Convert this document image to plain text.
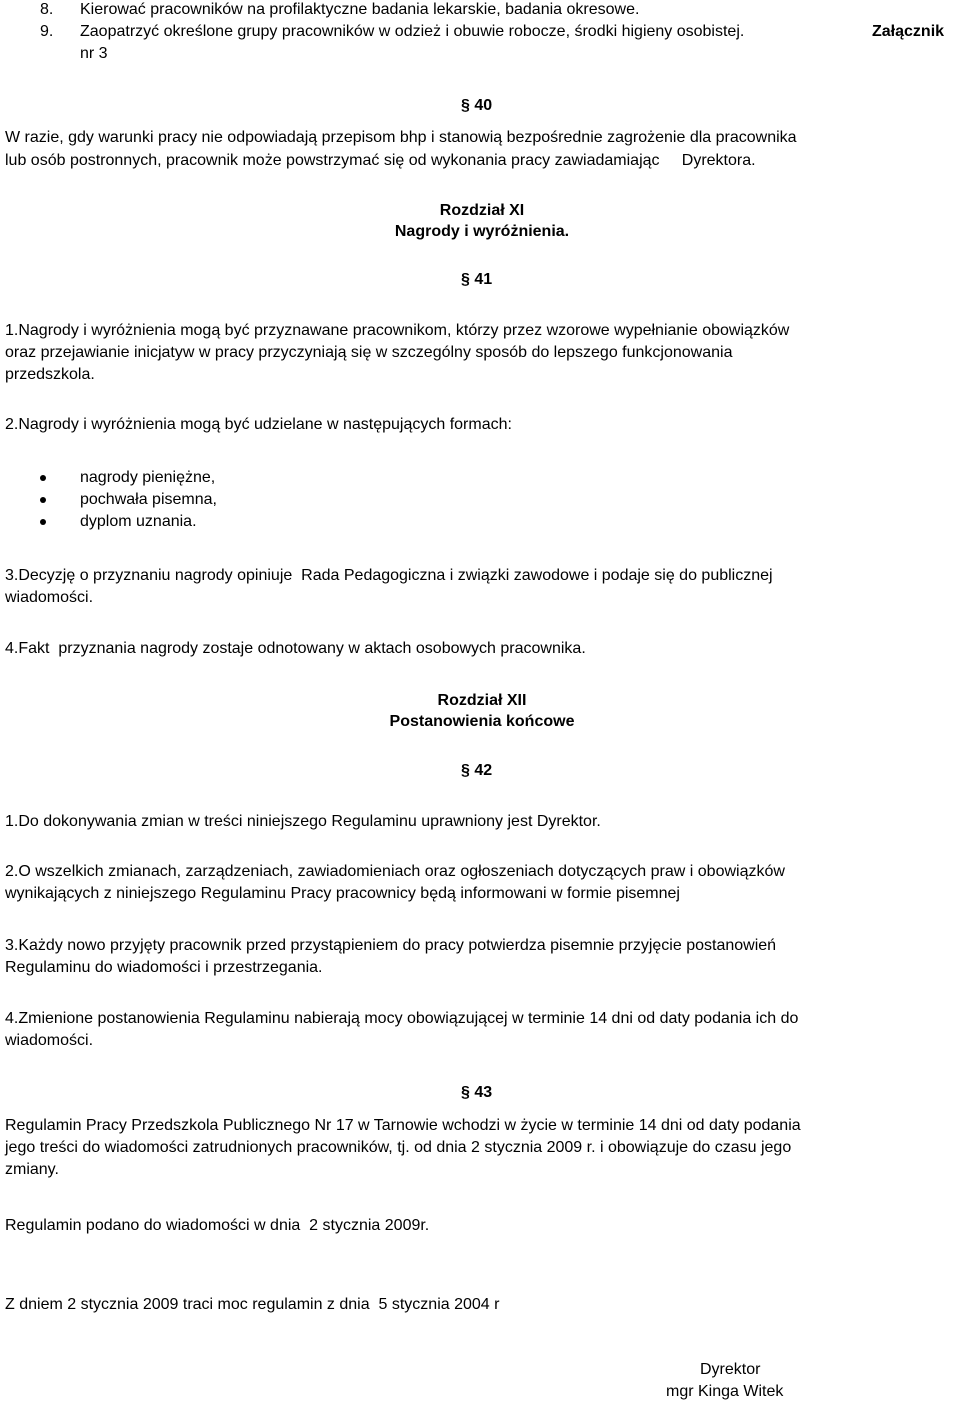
8. Kierować pracowników na profilaktyczne badania lekarskie, badania okresowe.
9. Zaopatrzyć określone grupy pracowników w odzież i obuwie robocze, środki higieny osobistej.	Załącznik
nr 3
§ 40
W razie, gdy warunki pracy nie odpowiadają przepisom bhp i stanowią bezpośrednie zagrożenie dla pracownika
lub osób postronnych, pracownik może powstrzymać się od wykonania pracy zawiadamiając     Dyrektora.
Rozdział XI
Nagrody i wyróżnienia.
§ 41
1.Nagrody i wyróżnienia mogą być przyznawane pracownikom, którzy przez wzorowe wypełnianie obowiązków
oraz przejawianie inicjatyw w pracy przyczyniają się w szczególny sposób do lepszego funkcjonowania
przedszkola.
2.Nagrody i wyróżnienia mogą być udzielane w następujących formach:
nagrody pieniężne,
pochwała pisemna,
dyplom uznania.
3.Decyzję o przyznaniu nagrody opiniuje  Rada Pedagogiczna i związki zawodowe i podaje się do publicznej
wiadomości.
4.Fakt  przyznania nagrody zostaje odnotowany w aktach osobowych pracownika.
Rozdział XII
Postanowienia końcowe
§ 42
1.Do dokonywania zmian w treści niniejszego Regulaminu uprawniony jest Dyrektor.
2.O wszelkich zmianach, zarządzeniach, zawiadomieniach oraz ogłoszeniach dotyczących praw i obowiązków
wynikających z niniejszego Regulaminu Pracy pracownicy będą informowani w formie pisemnej
3.Każdy nowo przyjęty pracownik przed przystąpieniem do pracy potwierdza pisemnie przyjęcie postanowień
Regulaminu do wiadomości i przestrzegania.
4.Zmienione postanowienia Regulaminu nabierają mocy obowiązującej w terminie 14 dni od daty podania ich do
wiadomości.
§ 43
Regulamin Pracy Przedszkola Publicznego Nr 17 w Tarnowie wchodzi w życie w terminie 14 dni od daty podania
jego treści do wiadomości zatrudnionych pracowników, tj. od dnia 2 stycznia 2009 r. i obowiązuje do czasu jego
zmiany.
Regulamin podano do wiadomości w dnia  2 stycznia 2009r.
Z dniem 2 stycznia 2009 traci moc regulamin z dnia  5 stycznia 2004 r
Dyrektor
mgr Kinga Witek
